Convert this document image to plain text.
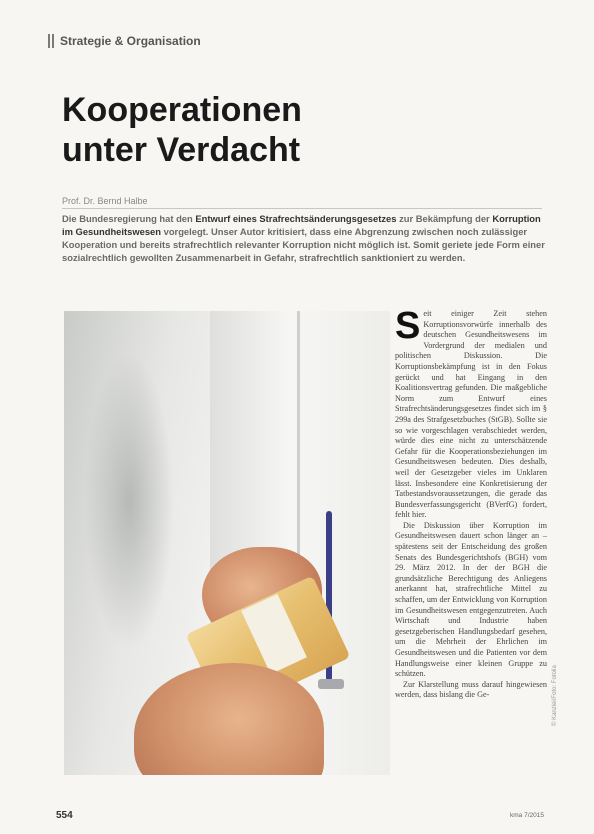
Strategie & Organisation
Kooperationen
unter Verdacht
Prof. Dr. Bernd Halbe

Die Bundesregierung hat den Entwurf eines Strafrechtsänderungsgesetzes zur Bekämpfung der Korruption im Gesundheitswesen vorgelegt. Unser Autor kritisiert, dass eine Abgrenzung zwischen noch zulässiger Kooperation und bereits strafrechtlich relevanter Korruption nicht möglich ist. Somit geriete jede Form einer sozialrechtlich gewollten Zusammenarbeit in Gefahr, strafrechtlich sanktioniert zu werden.

Seit einiger Zeit stehen Korruptionsvorwürfe innerhalb des deutschen Gesundheitswesens im Vordergrund der medialen und politischen Diskussion. Die Korruptionsbekämpfung ist in den Fokus gerückt und hat Eingang in den Koalitionsvertrag gefunden. Die maßgebliche Norm zum Entwurf eines Strafrechtsänderungsgesetzes findet sich im § 299a des Strafgesetzbuches (StGB). Sollte sie so wie vorgeschlagen verabschiedet werden, würde dies eine nicht zu unterschätzende Gefahr für die Kooperationsbeziehungen im Gesundheitswesen bedeuten. Dies deshalb, weil der Gesetzgeber vieles im Unklaren lässt. Insbesondere eine Konkretisierung der Tatbestandsvoraussetzungen, die gerade das Bundesverfassungsgericht (BVerfG) fordert, fehlt hier.

Die Diskussion über Korruption im Gesundheitswesen dauert schon länger an – spätestens seit der Entscheidung des großen Senats des Bundesgerichtshofs (BGH) vom 29. März 2012. In der der BGH die grundsätzliche Berechtigung des Anliegens anerkannt hat, strafrechtliche Mittel zu schaffen, um der Entwicklung von Korruption im Gesundheitswesen entgegenzutreten. Auch Wirtschaft und Industrie haben gesetzgeberischen Handlungsbedarf gesehen, um die Mehrheit der Ehrlichen im Gesundheitswesen und die Patienten vor dem Handlungsweise einer kleinen Gruppe zu schützen.

Zur Klarstellung muss darauf hingewiesen werden, dass bislang die Ge-	© Kanzlei/Foto: Fotolia
554	kma 7/2015
